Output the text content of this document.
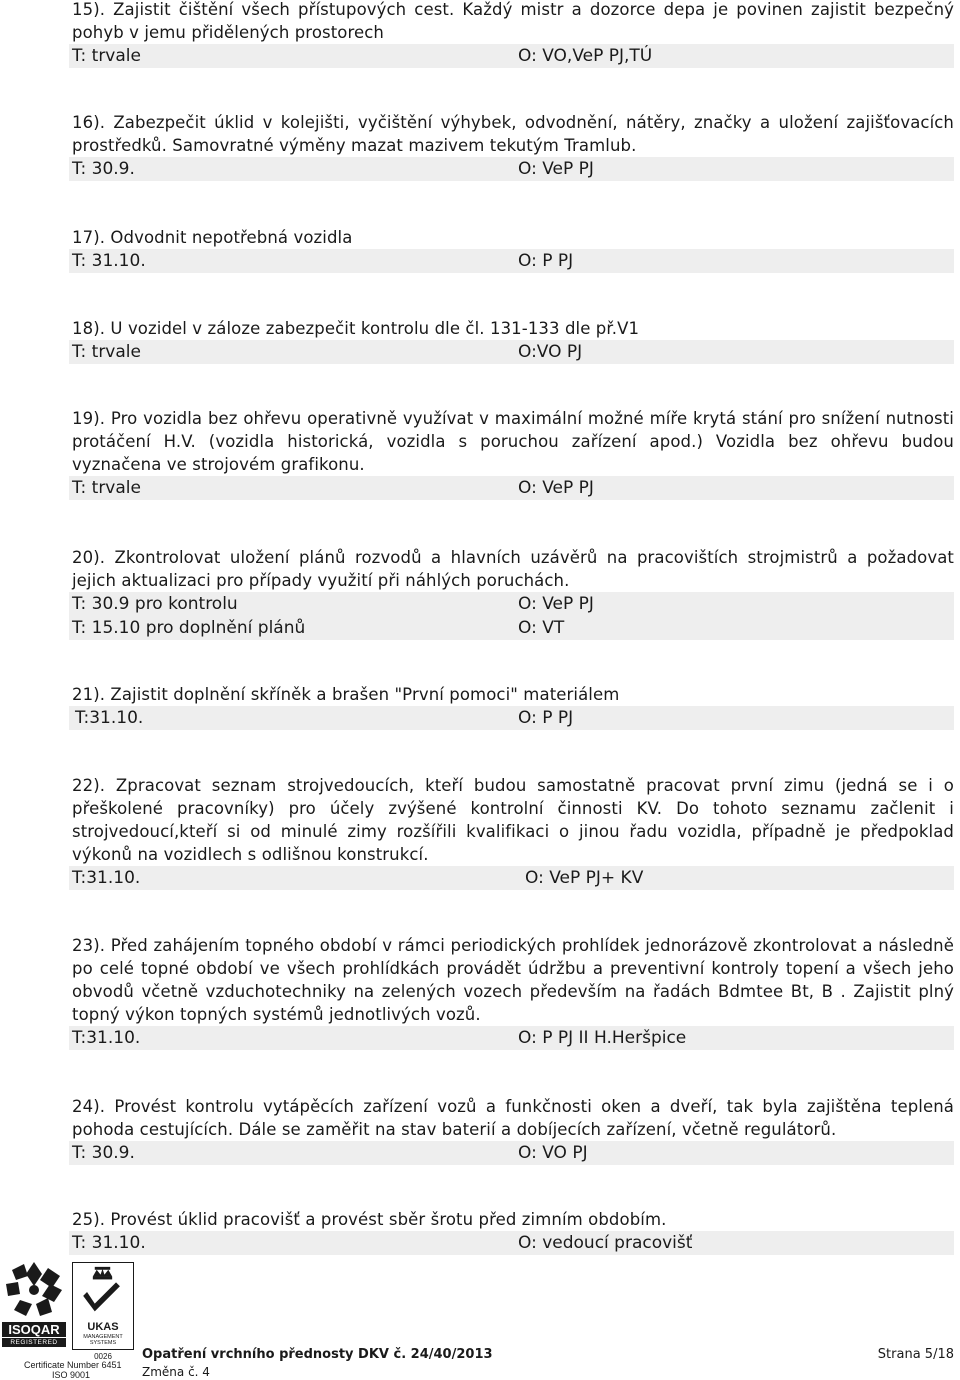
15). Zajistit čištění všech přístupových cest. Každý mistr a dozorce depa je povinen zajistit bezpečný pohyb v jemu přidělených prostorech

T: trvale	O: VO,VeP PJ,TÚ

16). Zabezpečit úklid v kolejišti, vyčištění výhybek, odvodnění, nátěry, značky a uložení zajišťovacích prostředků. Samovratné výměny mazat mazivem tekutým Tramlub.

T: 30.9.	O: VeP PJ

17). Odvodnit nepotřebná vozidla

T: 31.10.	O: P PJ

18). U vozidel v záloze zabezpečit kontrolu dle čl. 131-133 dle př.V1

T: trvale	O:VO PJ

19). Pro vozidla bez ohřevu operativně využívat v maximální možné míře krytá stání pro snížení nutnosti protáčení H.V. (vozidla historická, vozidla s poruchou zařízení apod.) Vozidla bez ohřevu budou vyznačena ve strojovém grafikonu.

T: trvale	O: VeP PJ

20). Zkontrolovat uložení plánů rozvodů a hlavních uzávěrů na pracovištích strojmistrů a požadovat jejich aktualizaci pro případy využití při náhlých poruchách.

T: 30.9 pro kontrolu	O: VeP PJ
T: 15.10 pro doplnění plánů	O: VT

21). Zajistit doplnění skříněk a brašen "První pomoci" materiálem

T:31.10.	O: P PJ

22). Zpracovat seznam strojvedoucích, kteří budou samostatně pracovat první zimu (jedná se i o přeškolené pracovníky) pro účely zvýšené kontrolní činnosti KV. Do tohoto seznamu začlenit i strojvedoucí,kteří si od minulé zimy rozšířili kvalifikaci o jinou řadu vozidla, případně je předpoklad výkonů na vozidlech s odlišnou konstrukcí.

T:31.10.	O: VeP PJ+ KV

23). Před zahájením topného období v rámci periodických prohlídek jednorázově zkontrolovat a následně po celé topné období ve všech prohlídkách provádět údržbu a preventivní kontroly topení a všech jeho obvodů včetně vzduchotechniky na zelených vozech především na řadách Bdmtee Bt, B . Zajistit plný topný výkon topných systémů jednotlivých vozů.

T:31.10.	O: P PJ II H.Heršpice

24). Provést kontrolu vytápěcích zařízení vozů a funkčnosti oken a dveří, tak byla zajištěna teplená pohoda cestujících. Dále se zaměřit na stav baterií a dobíjecích zařízení, včetně regulátorů.

T: 30.9.	O: VO PJ

25). Provést úklid pracovišť a provést sběr šrotu před zimním obdobím.

T: 31.10.	O: vedoucí pracovišť
ISOQAR
REGISTERED
UKAS
MANAGEMENT SYSTEMS
0026
Certificate Number 6451
ISO 9001
Opatření vrchního přednosty DKV č. 24/40/2013
Změna č. 4
Strana 5/18
